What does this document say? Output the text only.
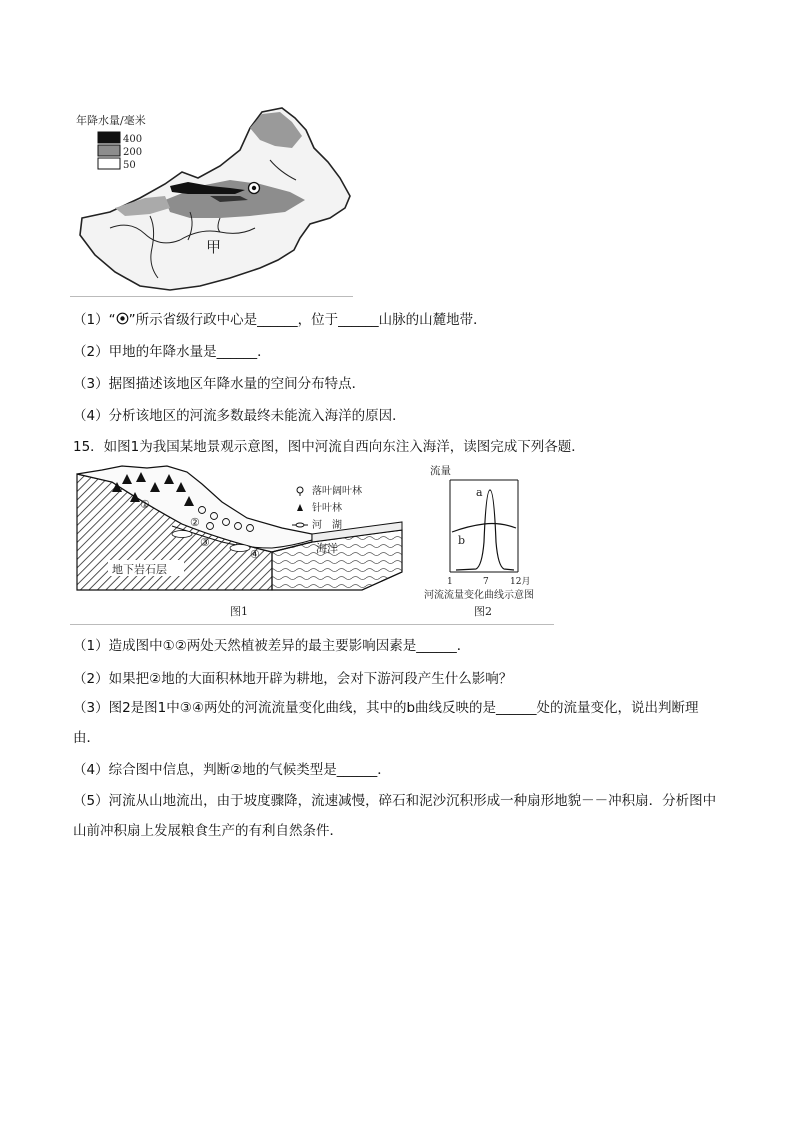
年降水量/毫米
400
200
50
甲
（1）“ ”所示省级行政中心是______，位于______山脉的山麓地带．
（2）甲地的年降水量是______．
（3）据图描述该地区年降水量的空间分布特点．
（4）分析该地区的河流多数最终未能流入海洋的原因．
15．如图1为我国某地景观示意图，图中河流自西向东注入海洋，读图完成下列各题．
①
②
③
④	海洋
地下岩石层
落叶阔叶林
针叶林
河　湖
图1
流量
a
b
1	7 12月
河流流量变化曲线示意图
图2
（1）造成图中①②两处天然植被差异的最主要影响因素是______．
（2）如果把②地的大面积林地开辟为耕地，会对下游河段产生什么影响？
（3）图2是图1中③④两处的河流流量变化曲线，其中的b曲线反映的是______处的流量变化，说出判断理由．
（4）综合图中信息，判断②地的气候类型是______．
（5）河流从山地流出，由于坡度骤降，流速减慢，碎石和泥沙沉积形成一种扇形地貌－－冲积扇．分析图中山前冲积扇上发展粮食生产的有利自然条件．
